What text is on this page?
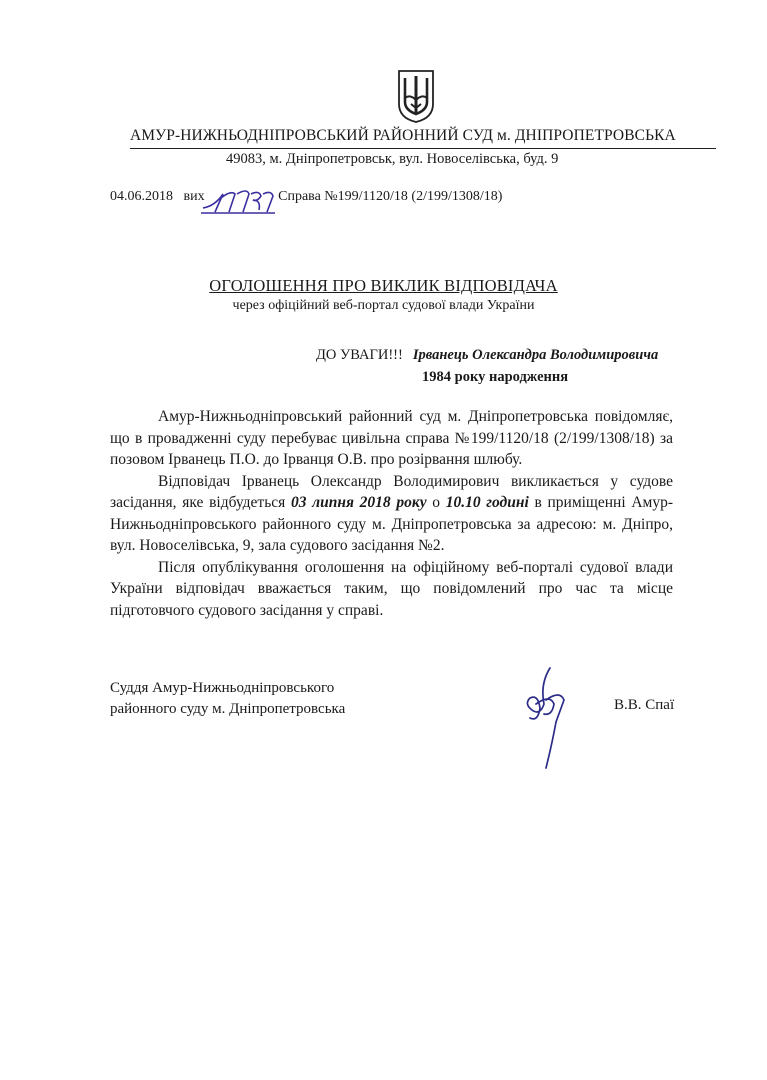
АМУР-НИЖНЬОДНІПРОВСЬКИЙ РАЙОННИЙ СУД м. ДНІПРОПЕТРОВСЬКА
49083, м. Дніпропетровськ, вул. Новоселівська, буд. 9
04.06.2018 вих	Справа №199/1120/18 (2/199/1308/18)
ОГОЛОШЕННЯ ПРО ВИКЛИК ВІДПОВІДАЧА
через офіційний веб-портал судової влади України
ДО УВАГИ!!! Ірванець Олександра Володимировича
1984 року народження

Амур-Нижньодніпровський районний суд м. Дніпропетровська повідомляє, що в провадженні суду перебуває цивільна справа №199/1120/18 (2/199/1308/18) за позовом Ірванець П.О. до Ірванця О.В. про розірвання шлюбу.

Відповідач Ірванець Олександр Володимирович викликається у судове засідання, яке відбудеться 03 липня 2018 року о 10.10 годині в приміщенні Амур-Нижньодніпровського районного суду м. Дніпропетровська за адресою: м. Дніпро, вул. Новоселівська, 9, зала судового засідання №2.

Після опублікування оголошення на офіційному веб-порталі судової влади України відповідач вважається таким, що повідомлений про час та місце підготовчого судового засідання у справі.

Суддя Амур-Нижньодніпровського
районного суду м. Дніпропетровська	В.В. Спаї
